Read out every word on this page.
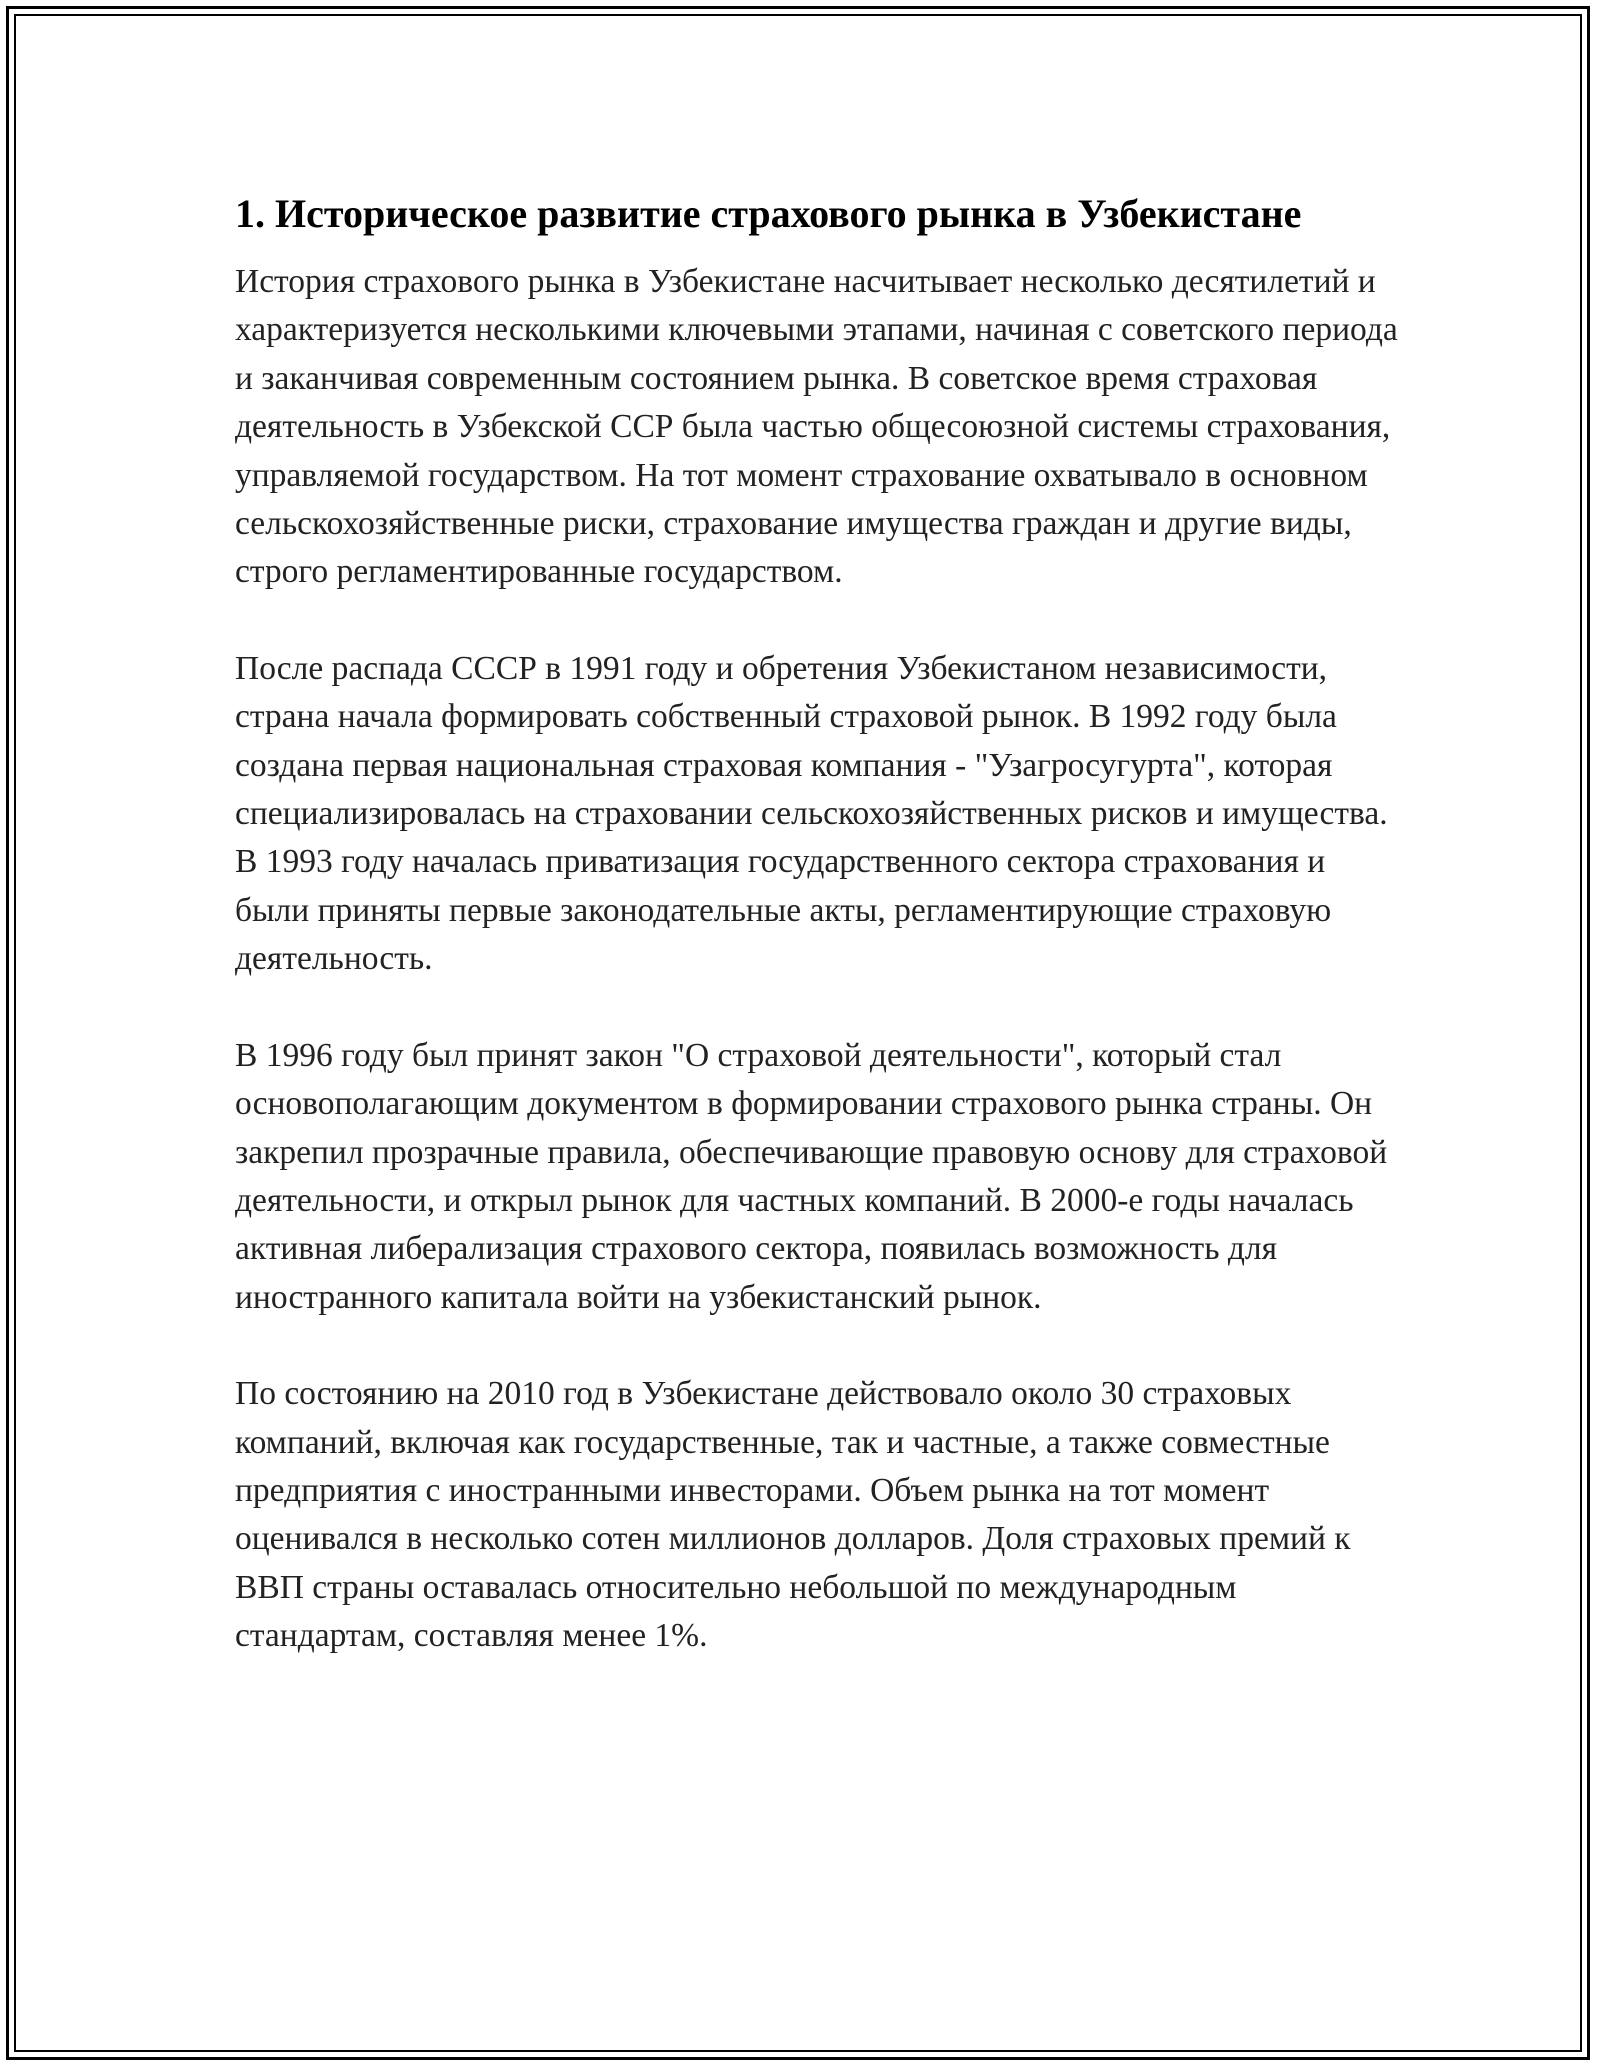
1. Историческое развитие страхового рынка в Узбекистане

История страхового рынка в Узбекистане насчитывает несколько десятилетий и характеризуется несколькими ключевыми этапами, начиная с советского периода и заканчивая современным состоянием рынка. В советское время страховая деятельность в Узбекской ССР была частью общесоюзной системы страхования, управляемой государством. На тот момент страхование охватывало в основном сельскохозяйственные риски, страхование имущества граждан и другие виды, строго регламентированные государством.

После распада СССР в 1991 году и обретения Узбекистаном независимости, страна начала формировать собственный страховой рынок. В 1992 году была создана первая национальная страховая компания - "Узагросугурта", которая специализировалась на страховании сельскохозяйственных рисков и имущества. В 1993 году началась приватизация государственного сектора страхования и были приняты первые законодательные акты, регламентирующие страховую деятельность.

В 1996 году был принят закон "О страховой деятельности", который стал основополагающим документом в формировании страхового рынка страны. Он закрепил прозрачные правила, обеспечивающие правовую основу для страховой деятельности, и открыл рынок для частных компаний. В 2000-е годы началась активная либерализация страхового сектора, появилась возможность для иностранного капитала войти на узбекистанский рынок.

По состоянию на 2010 год в Узбекистане действовало около 30 страховых компаний, включая как государственные, так и частные, а также совместные предприятия с иностранными инвесторами. Объем рынка на тот момент оценивался в несколько сотен миллионов долларов. Доля страховых премий к ВВП страны оставалась относительно небольшой по международным стандартам, составляя менее 1%.
